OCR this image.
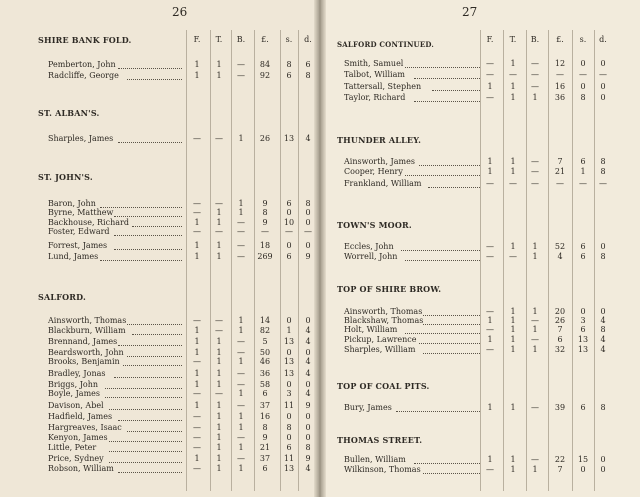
26
F.	T.	B.	£.	s.	d.
SHIRE BANK FOLD.
Pemberton, John	1	1	—	84	8	6
Radcliffe, George	1	1	—	92	6	8
ST. ALBAN'S.
Sharples, James	—	—	1	26	13	4
ST. JOHN'S.
Baron, John	—	—	1	9	6	8
Byrne, Matthew	—	1	1	8	0	0
Backhouse, Richard	1	1	—	9	10	0
Foster, Edward	—	—	—	—	—	—
Forrest, James	1	1	—	18	0	0
Lund, James	1	1	—	269	6	9
SALFORD.
Ainsworth, Thomas	—	—	1	14	0	0
Blackburn, William	1	—	1	82	1	4
Brennand, James	1	1	—	5	13	4
Beardsworth, John	1	1	—	50	0	0
Brooks, Benjamin	—	1	1	46	13	4
Bradley, Jonas	1	1	—	36	13	4
Briggs, John	1	1	—	58	0	0
Boyle, James	—	—	1	6	3	4
Davison, Abel	1	1	—	37	11	9
Hadfield, James	—	1	1	16	0	0
Hargreaves, Isaac	—	1	1	8	8	0
Kenyon, James	—	1	—	9	0	0
Little, Peter	—	1	1	21	6	8
Price, Sydney	1	1	—	37	11	9
Robson, William	—	1	1	6	13	4
27
F.	T.	B.	£.	s.	d.
SALFORD CONTINUED.
Smith, Samuel	—	1	—	12	0	0
Talbot, William	—	—	—	—	—	—
Tattersall, Stephen	1	1	—	16	0	0
Taylor, Richard	—	1	1	36	8	0
THUNDER ALLEY.
Ainsworth, James	1	1	—	7	6	8
Cooper, Henry	1	1	—	21	1	8
Frankland, William	—	—	—	—	—	—
TOWN'S MOOR.
Eccles, John	—	1	1	52	6	0
Worrell, John	—	—	1	4	6	8
TOP OF SHIRE BROW.
Ainsworth, Thomas	—	1	1	20	0	0
Blackshaw, Thomas	1	1	—	26	3	4
Holt, William	—	1	1	7	6	8
Pickup, Lawrence	1	1	—	6	13	4
Sharples, William	—	1	1	32	13	4
TOP OF COAL PITS.
Bury, James	1	1	—	39	6	8
THOMAS STREET.
Bullen, William	1	1	—	22	15	0
Wilkinson, Thomas	—	1	1	7	0	0
